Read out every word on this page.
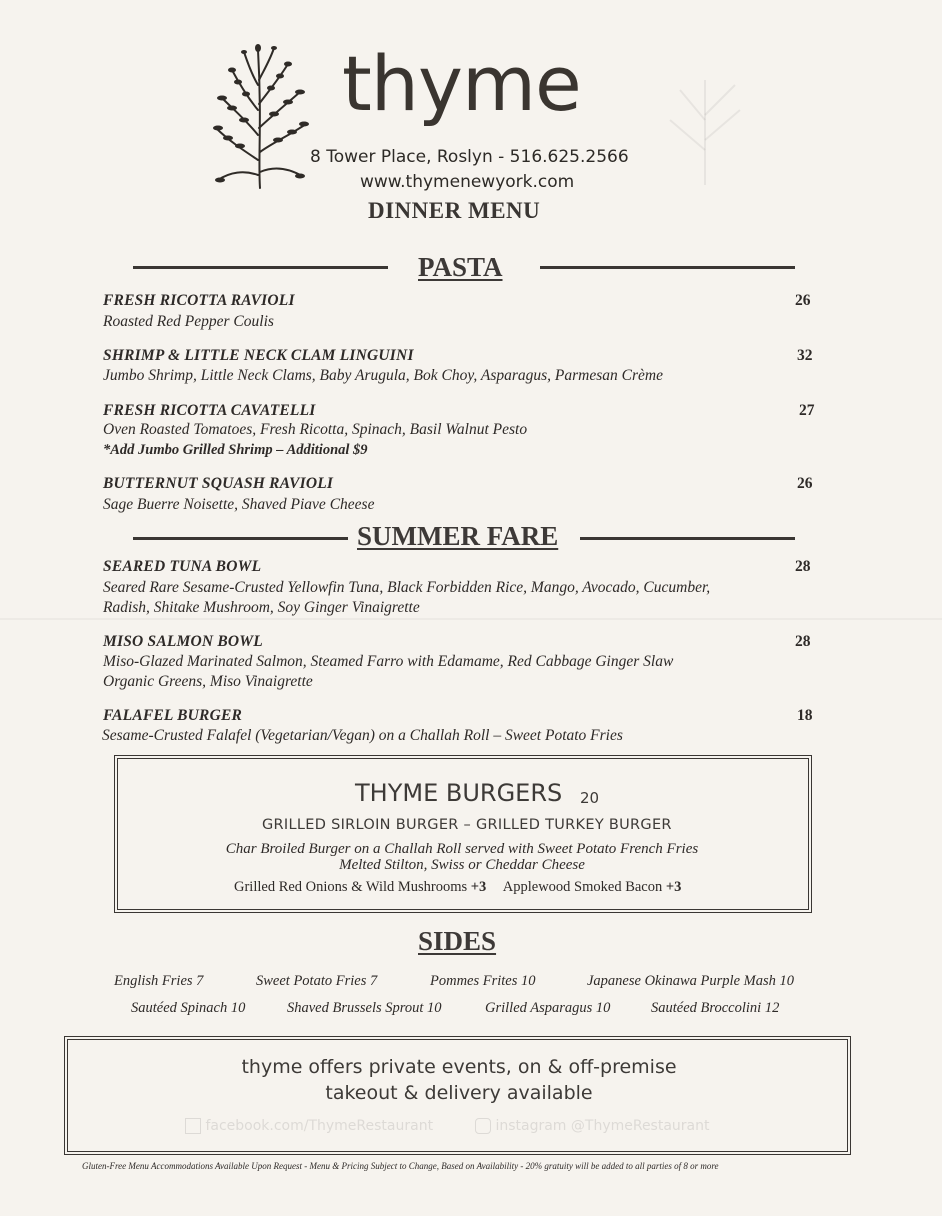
thyme
8 Tower Place, Roslyn - 516.625.2566
www.thymenewyork.com
DINNER MENU
PASTA
FRESH RICOTTA RAVIOLI	26
Roasted Red Pepper Coulis
SHRIMP & LITTLE NECK CLAM LINGUINI	32
Jumbo Shrimp, Little Neck Clams, Baby Arugula, Bok Choy, Asparagus, Parmesan Crème
FRESH RICOTTA CAVATELLI	27
Oven Roasted Tomatoes, Fresh Ricotta, Spinach, Basil Walnut Pesto
*Add Jumbo Grilled Shrimp – Additional $9
BUTTERNUT SQUASH RAVIOLI	26
Sage Buerre Noisette, Shaved Piave Cheese
SUMMER FARE
SEARED TUNA BOWL	28
Seared Rare Sesame-Crusted Yellowfin Tuna, Black Forbidden Rice, Mango, Avocado, Cucumber,
Radish, Shitake Mushroom, Soy Ginger Vinaigrette
MISO SALMON BOWL	28
Miso-Glazed Marinated Salmon, Steamed Farro with Edamame, Red Cabbage Ginger Slaw
Organic Greens, Miso Vinaigrette
FALAFEL BURGER	18
Sesame-Crusted Falafel (Vegetarian/Vegan) on a Challah Roll – Sweet Potato Fries
THYME BURGERS 20
GRILLED SIRLOIN BURGER – GRILLED TURKEY BURGER
Char Broiled Burger on a Challah Roll served with Sweet Potato French Fries
Melted Stilton, Swiss or Cheddar Cheese
Grilled Red Onions & Wild Mushrooms +3 Applewood Smoked Bacon +3
SIDES
English Fries 7	Sweet Potato Fries 7	Pommes Frites 10	Japanese Okinawa Purple Mash 10
Sautéed Spinach 10	Shaved Brussels Sprout 10	Grilled Asparagus 10	Sautéed Broccolini 12
thyme offers private events, on & off-premise
takeout & delivery available
facebook.com/ThymeRestaurant	instagram @ThymeRestaurant
Gluten-Free Menu Accommodations Available Upon Request - Menu & Pricing Subject to Change, Based on Availability - 20% gratuity will be added to all parties of 8 or more
